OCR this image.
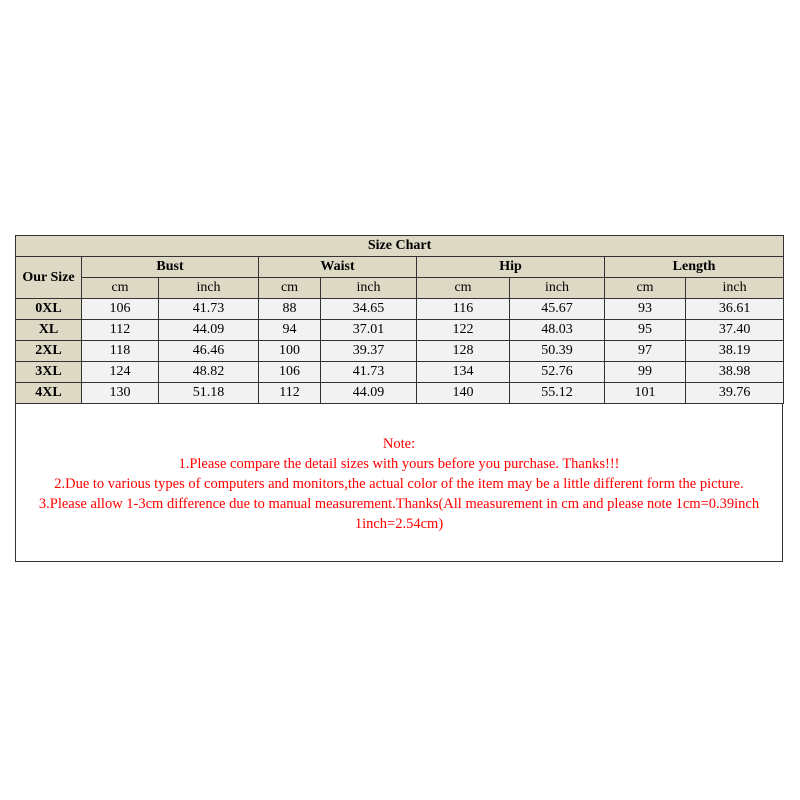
Size Chart								
Our Size	Bust		Waist		Hip		Length	
	cm	inch	cm	inch	cm	inch	cm	inch
0XL	106	41.73	88	34.65	116	45.67	93	36.61
XL	112	44.09	94	37.01	122	48.03	95	37.40
2XL	118	46.46	100	39.37	128	50.39	97	38.19
3XL	124	48.82	106	41.73	134	52.76	99	38.98
4XL	130	51.18	112	44.09	140	55.12	101	39.76
Note:
1.Please compare the detail sizes with yours before you purchase. Thanks!!!
2.Due to various types of computers and monitors,the actual color of the item may be a little different form the picture.
3.Please allow 1-3cm difference due to manual measurement.Thanks(All measurement in cm and please note 1cm=0.39inch
1inch=2.54cm)
